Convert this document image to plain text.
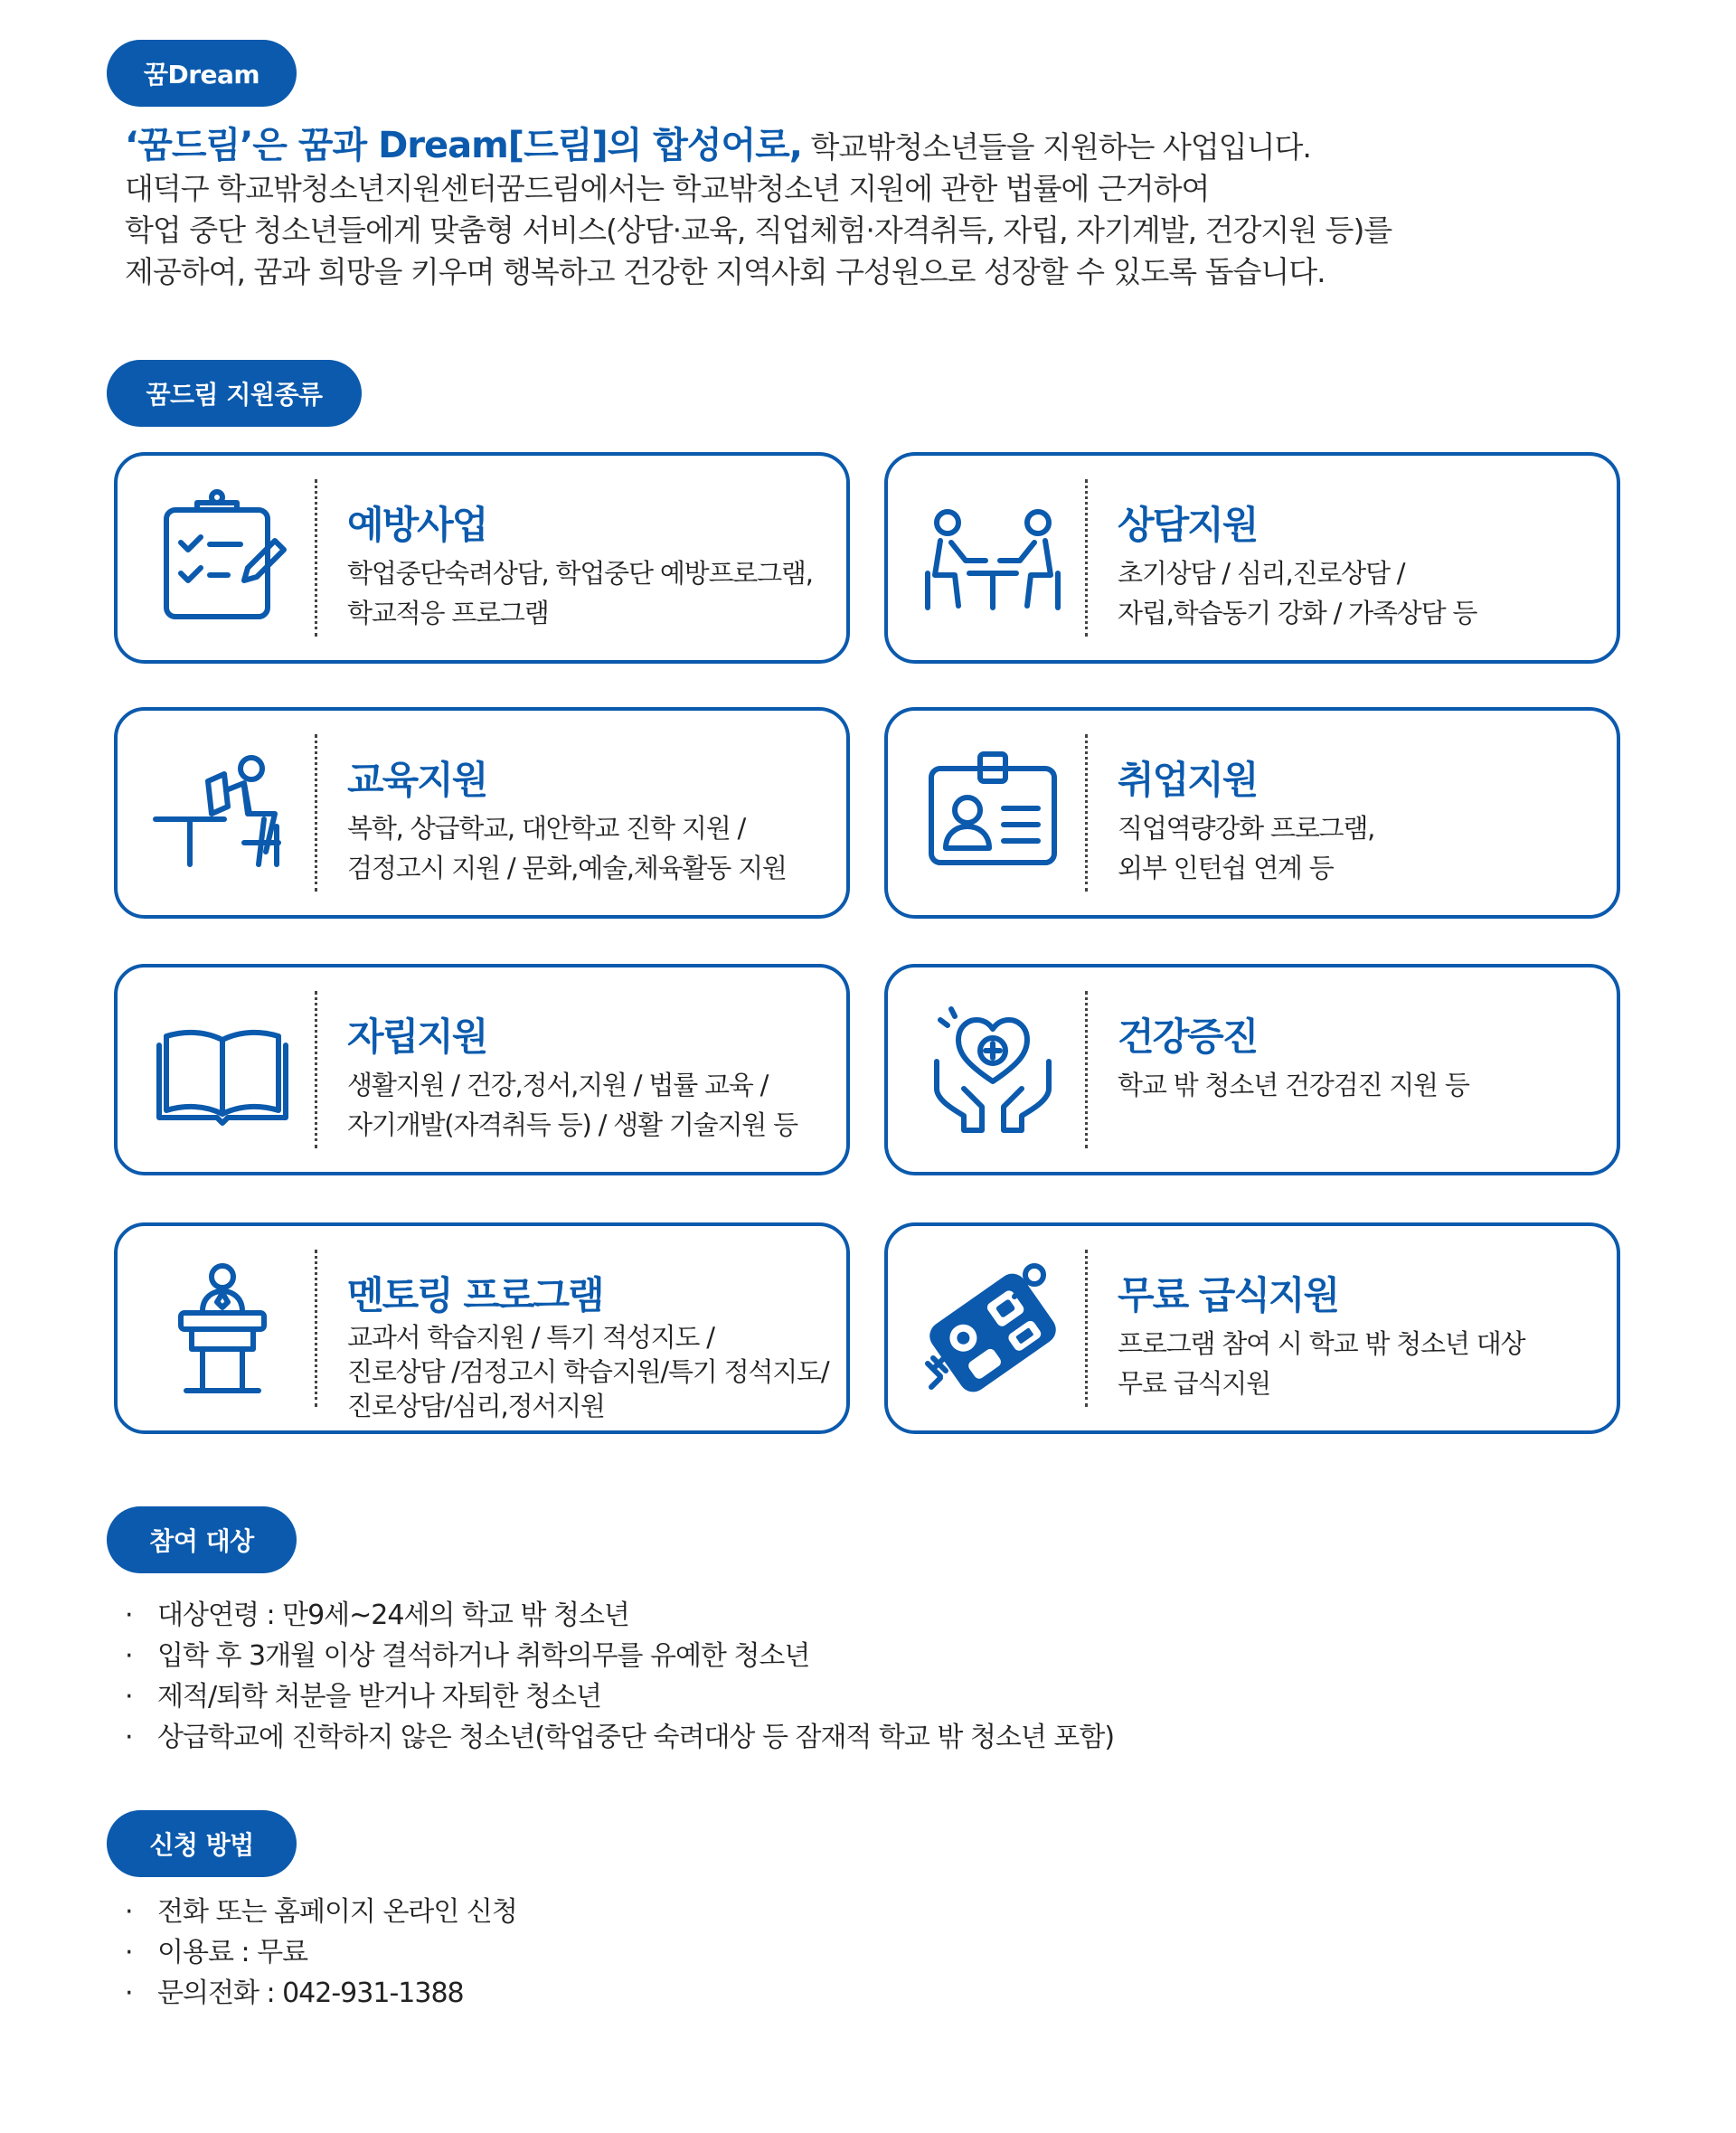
꿈Dream
‘꿈드림’은 꿈과 Dream[드림]의 합성어로, 학교밖청소년들을 지원하는 사업입니다.
대덕구 학교밖청소년지원센터꿈드림에서는 학교밖청소년 지원에 관한 법률에 근거하여
학업 중단 청소년들에게 맞춤형 서비스(상담·교육, 직업체험·자격취득, 자립, 자기계발, 건강지원 등)를
제공하여, 꿈과 희망을 키우며 행복하고 건강한 지역사회 구성원으로 성장할 수 있도록 돕습니다.
꿈드림 지원종류
예방사업
학업중단숙려상담, 학업중단 예방프로그램,
학교적응 프로그램
상담지원
초기상담 / 심리,진로상담 /
자립,학습동기 강화 / 가족상담 등
교육지원
복학, 상급학교, 대안학교 진학 지원 /
검정고시 지원 / 문화,예술,체육활동 지원
취업지원
직업역량강화 프로그램,
외부 인턴쉽 연계 등
자립지원
생활지원 / 건강,정서,지원 / 법률 교육 /
자기개발(자격취득 등) / 생활 기술지원 등
건강증진
학교 밖 청소년 건강검진 지원 등
멘토링 프로그램
교과서 학습지원 / 특기 적성지도 /
진로상담 /검정고시 학습지원/특기 정석지도/
진로상담/심리,정서지원
무료 급식지원
프로그램 참여 시 학교 밖 청소년 대상
무료 급식지원
참여 대상
· 대상연령 : 만9세~24세의 학교 밖 청소년
· 입학 후 3개월 이상 결석하거나 취학의무를 유예한 청소년
· 제적/퇴학 처분을 받거나 자퇴한 청소년
· 상급학교에 진학하지 않은 청소년(학업중단 숙려대상 등 잠재적 학교 밖 청소년 포함)
신청 방법
· 전화 또는 홈페이지 온라인 신청
· 이용료 : 무료
· 문의전화 : 042-931-1388
